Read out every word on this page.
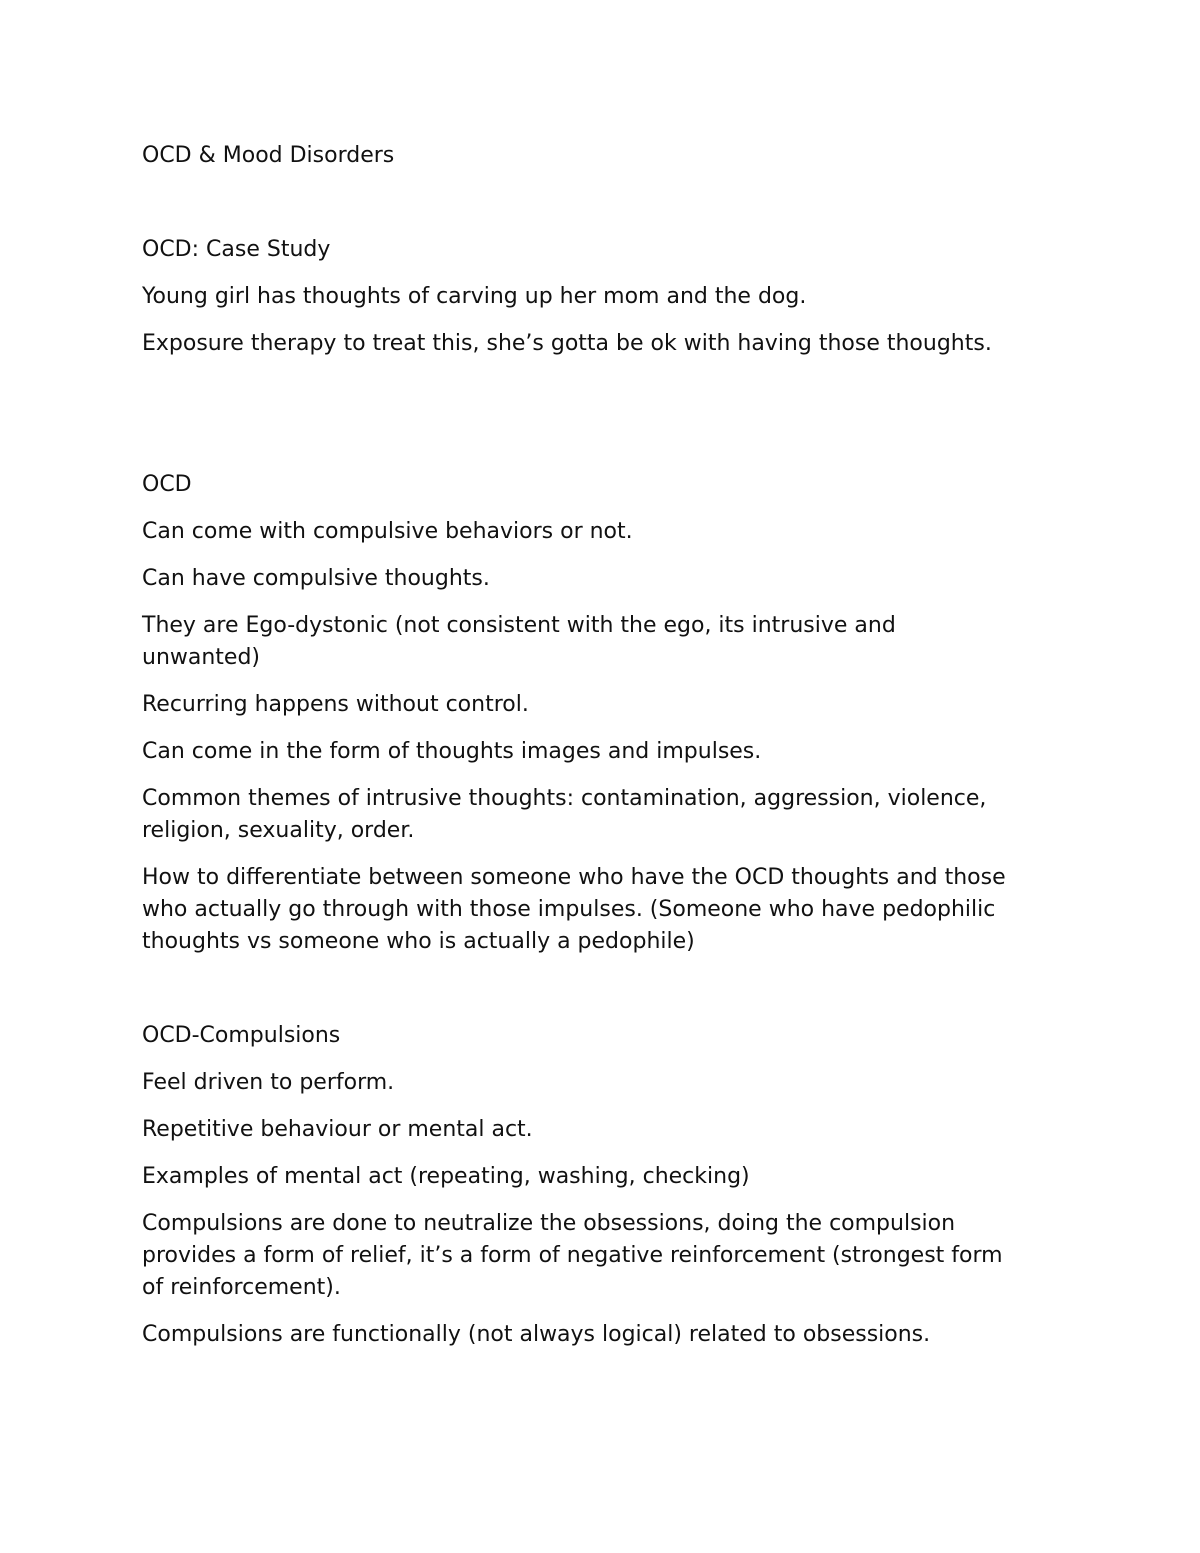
OCD & Mood Disorders

OCD: Case Study

Young girl has thoughts of carving up her mom and the dog.

Exposure therapy to treat this, she’s gotta be ok with having those thoughts.

OCD

Can come with compulsive behaviors or not.

Can have compulsive thoughts.

They are Ego-dystonic (not consistent with the ego, its intrusive and unwanted)

Recurring happens without control.

Can come in the form of thoughts images and impulses.

Common themes of intrusive thoughts: contamination, aggression, violence, religion, sexuality, order.

How to differentiate between someone who have the OCD thoughts and those who actually go through with those impulses. (Someone who have pedophilic thoughts vs someone who is actually a pedophile)

OCD-Compulsions

Feel driven to perform.

Repetitive behaviour or mental act.

Examples of mental act (repeating, washing, checking)

Compulsions are done to neutralize the obsessions, doing the compulsion provides a form of relief, it’s a form of negative reinforcement (strongest form of reinforcement).

Compulsions are functionally (not always logical) related to obsessions.
